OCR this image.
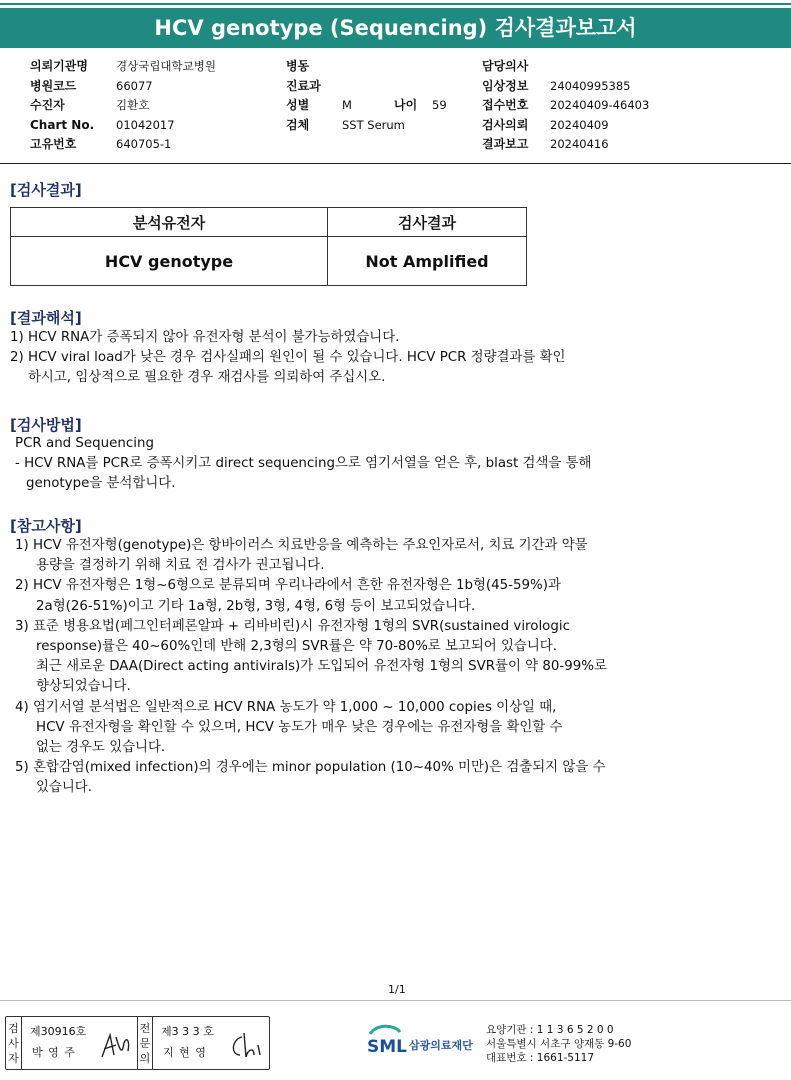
HCV genotype (Sequencing) 검사결과보고서
의뢰기관명 경상국립대학교병원
병원코드	66077
수진자	김환호
Chart No. 01042017
고유번호	640705-1
병동
진료과
성별	M	나이 59
검체	SST Serum
담당의사
임상정보 24040995385
접수번호 20240409-46403
검사의뢰 20240409
결과보고 20240416
[검사결과]
분석유전자	검사결과
HCV genotype	Not Amplified
[결과해석]
1) HCV RNA가 증폭되지 않아 유전자형 분석이 불가능하였습니다.
2) HCV viral load가 낮은 경우 검사실패의 원인이 될 수 있습니다. HCV PCR 정량결과를 확인
하시고, 임상적으로 필요한 경우 재검사를 의뢰하여 주십시오.
[검사방법]
PCR and Sequencing
- HCV RNA를 PCR로 증폭시키고 direct sequencing으로 염기서열을 얻은 후, blast 검색을 통해
genotype을 분석합니다.
[참고사항]
1) HCV 유전자형(genotype)은 항바이러스 치료반응을 예측하는 주요인자로서, 치료 기간과 약물
용량을 결정하기 위해 치료 전 검사가 권고됩니다.
2) HCV 유전자형은 1형~6형으로 분류되며 우리나라에서 흔한 유전자형은 1b형(45-59%)과
2a형(26-51%)이고 기타 1a형, 2b형, 3형, 4형, 6형 등이 보고되었습니다.
3) 표준 병용요법(페그인터페론알파 + 리바비린)시 유전자형 1형의 SVR(sustained virologic
response)률은 40~60%인데 반해 2,3형의 SVR률은 약 70-80%로 보고되어 있습니다.
최근 새로운 DAA(Direct acting antivirals)가 도입되어 유전자형 1형의 SVR률이 약 80-99%로
향상되었습니다.
4) 염기서열 분석법은 일반적으로 HCV RNA 농도가 약 1,000 ~ 10,000 copies 이상일 때,
HCV 유전자형을 확인할 수 있으며, HCV 농도가 매우 낮은 경우에는 유전자형을 확인할 수
없는 경우도 있습니다.
5) 혼합감염(mixed infection)의 경우에는 minor population (10~40% 미만)은 검출되지 않을 수
있습니다.
1/1
검사자
제30916호
박 영 주
전문의
제3 3 3 호
지 현 영	SML 삼광의료재단
요양기관 : 1 1 3 6 5 2 0 0
서울특별시 서초구 양재동 9-60
대표번호 : 1661-5117
